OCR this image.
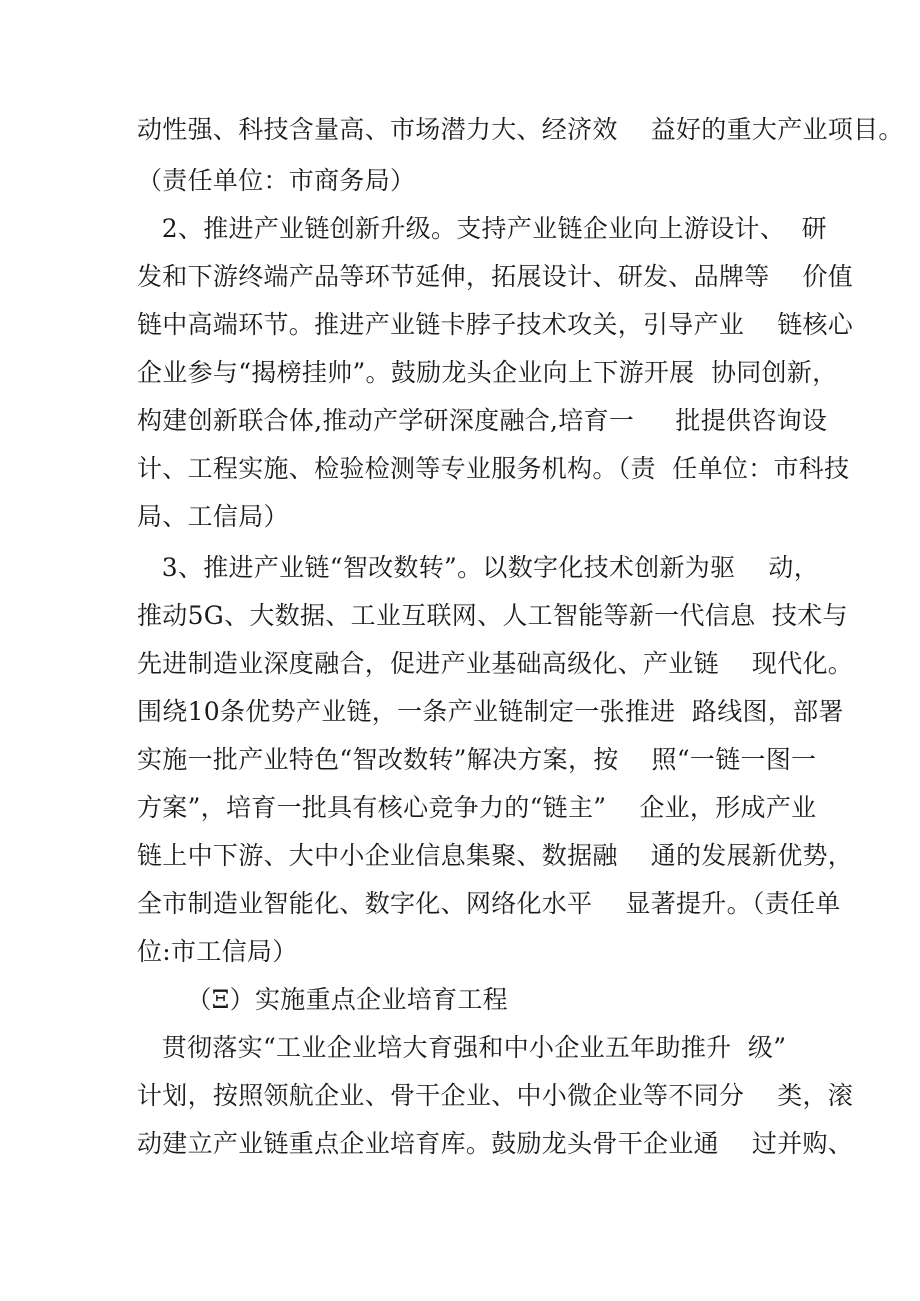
动性强、科技含量高、市场潜力大、经济效    益好的重大产业项目。
（责任单位：市商务局）
2、推进产业链创新升级。支持产业链企业向上游设计、  研
发和下游终端产品等环节延伸，拓展设计、研发、品牌等    价值
链中高端环节。推进产业链卡脖子技术攻关，引导产业    链核心
企业参与“揭榜挂帅”。鼓励龙头企业向上下游开展  协同创新，
构建创新联合体,推动产学研深度融合,培育一     批提供咨询设
计、工程实施、检验检测等专业服务机构。（责  任单位：市科技
局、工信局）
3、推进产业链“智改数转”。以数字化技术创新为驱    动，
推动5G、大数据、工业互联网、人工智能等新一代信息  技术与
先进制造业深度融合，促进产业基础高级化、产业链    现代化。
围绕10条优势产业链，一条产业链制定一张推进  路线图，部署
实施一批产业特色“智改数转”解决方案，按    照“一链一图一
方案”，培育一批具有核心竞争力的“链主”    企业，形成产业
链上中下游、大中小企业信息集聚、数据融    通的发展新优势，
全市制造业智能化、数字化、网络化水平    显著提升。（责任单
位:市工信局）
（Ξ）实施重点企业培育工程
贯彻落实“工业企业培大育强和中小企业五年助推升  级”
计划，按照领航企业、骨干企业、中小微企业等不同分    类，滚
动建立产业链重点企业培育库。鼓励龙头骨干企业通    过并购、
